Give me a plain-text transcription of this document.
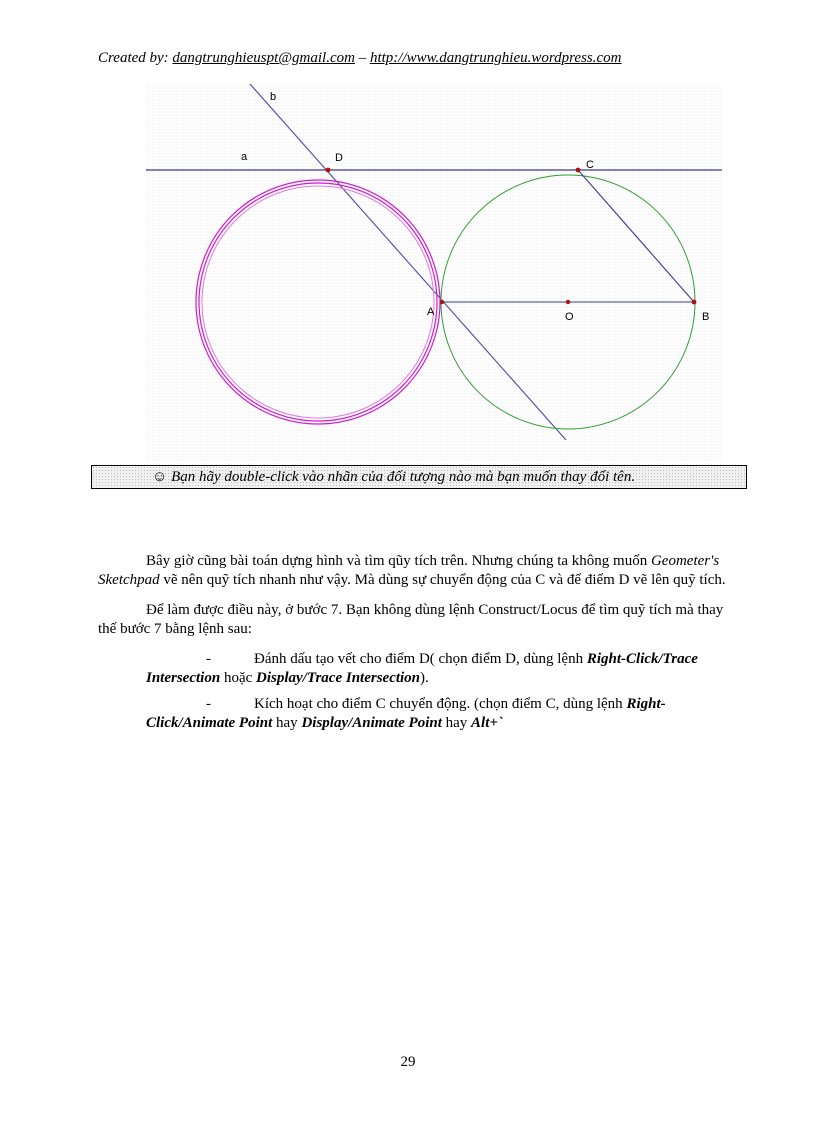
Created by: dangtrunghieuspt@gmail.com – http://www.dangtrunghieu.wordpress.com
b
a	D
C
A	O	B
☺ Bạn hãy double-click vào nhãn của đối tượng nào mà bạn muốn thay đổi tên.

Bây giờ cũng bài toán dựng hình và tìm qũy tích trên. Nhưng chúng ta không muốn Geometer's Sketchpad vẽ nên quỹ tích nhanh như vậy. Mà dùng sự chuyển động của C và để điểm D vẽ lên quỹ tích.

Để làm được điều này, ở bước 7. Bạn không dùng lệnh Construct/Locus để tìm quỹ tích mà thay thế bước 7 bằng lệnh sau:

-	Đánh dấu tạo vết cho điểm D( chọn điểm D, dùng lệnh Right-Click/Trace Intersection hoặc Display/Trace Intersection).
-	Kích hoạt cho điểm C chuyển động. (chọn điểm C, dùng lệnh Right-Click/Animate Point hay Display/Animate Point hay Alt+`
29
